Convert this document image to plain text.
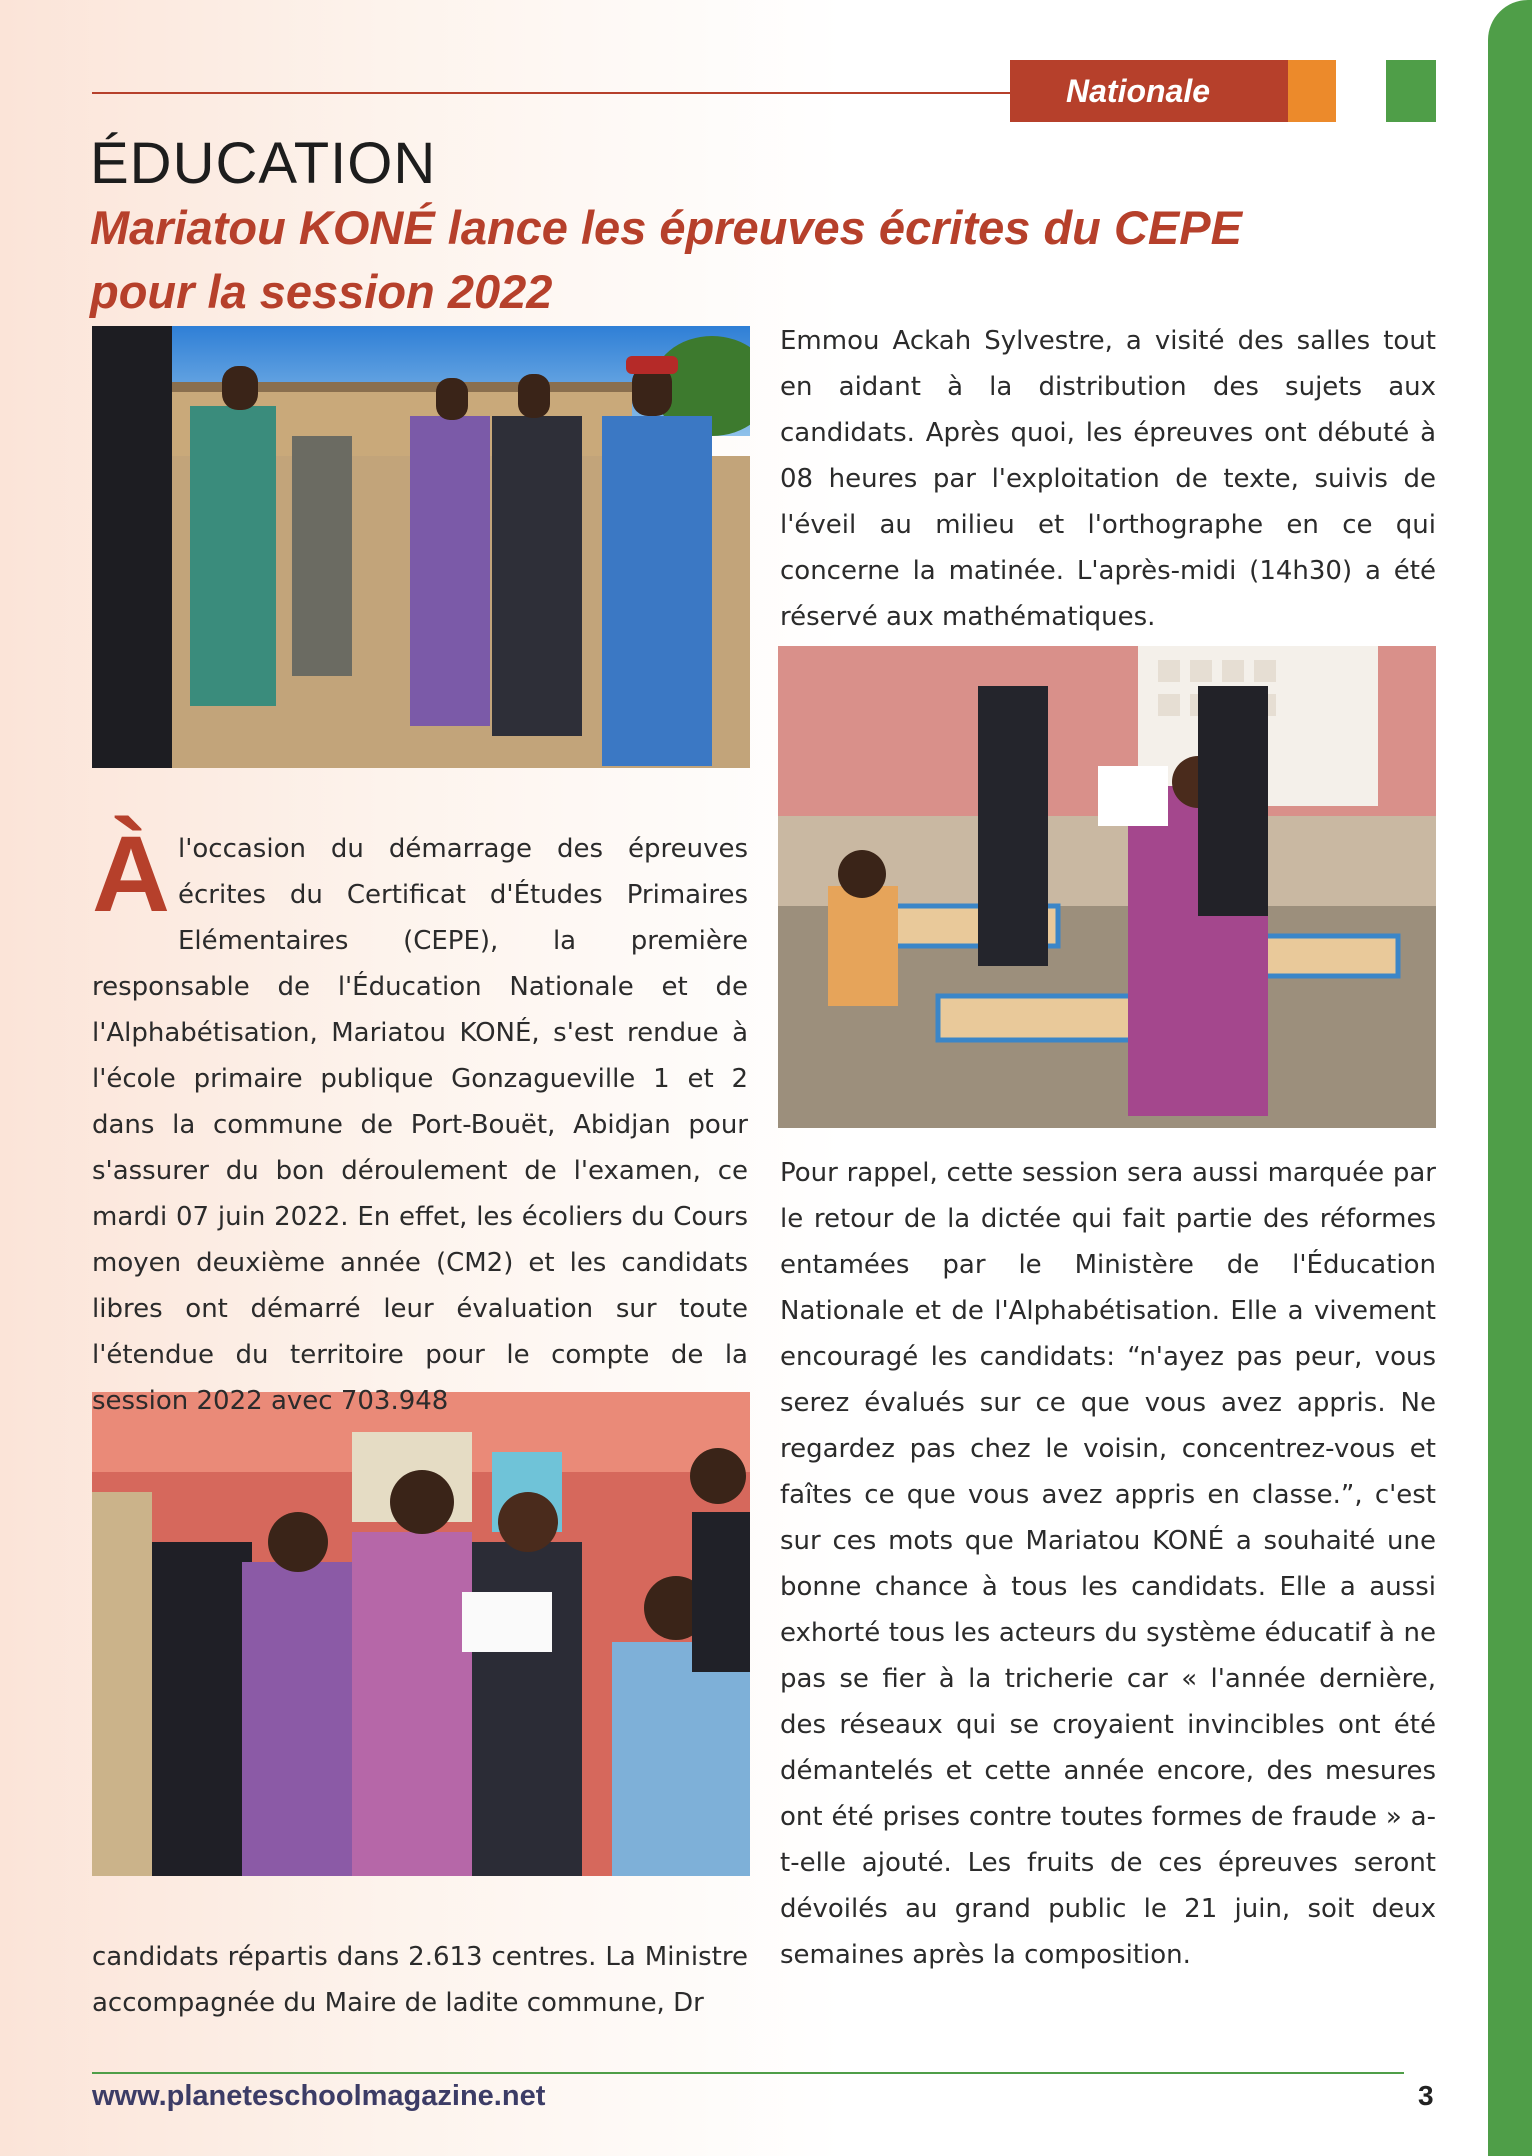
Nationale
ÉDUCATION
Mariatou KONÉ lance les épreuves écrites du CEPE pour la session 2022
Àl'occasion du démarrage des épreuves écrites du Certificat d'Études Primaires Elémentaires (CEPE), la première responsable de l'Éducation Nationale et de l'Alphabétisation, Mariatou KONÉ, s'est rendue à l'école primaire publique Gonzagueville 1 et 2 dans la commune de Port-Bouët, Abidjan pour s'assurer du bon déroulement de l'examen, ce mardi 07 juin 2022. En effet, les écoliers du Cours moyen deuxième année (CM2) et les candidats libres ont démarré leur évaluation sur toute l'étendue du territoire pour le compte de la session 2022 avec 703.948
candidats répartis dans 2.613 centres. La Ministre accompagnée du Maire de ladite commune, Dr
Emmou Ackah Sylvestre, a visité des salles tout en aidant à la distribution des sujets aux candidats. Après quoi, les épreuves ont débuté à 08 heures par l'exploitation de texte, suivis de l'éveil au milieu et l'orthographe en ce qui concerne la matinée. L'après-midi (14h30) a été réservé aux mathématiques.
Pour rappel, cette session sera aussi marquée par le retour de la dictée qui fait partie des réformes entamées par le Ministère de l'Éducation Nationale et de l'Alphabétisation. Elle a vivement encouragé les candidats: “n'ayez pas peur, vous serez évalués sur ce que vous avez appris. Ne regardez pas chez le voisin, concentrez-vous et faîtes ce que vous avez appris en classe.”, c'est sur ces mots que Mariatou KONÉ a souhaité une bonne chance à tous les candidats. Elle a aussi exhorté tous les acteurs du système éducatif à ne pas se fier à la tricherie car « l'année dernière, des réseaux qui se croyaient invincibles ont été démantelés et cette année encore, des mesures ont été prises contre toutes formes de fraude » a-t-elle ajouté. Les fruits de ces épreuves seront dévoilés au grand public le 21 juin, soit deux semaines après la composition.
www.planeteschoolmagazine.net	3
